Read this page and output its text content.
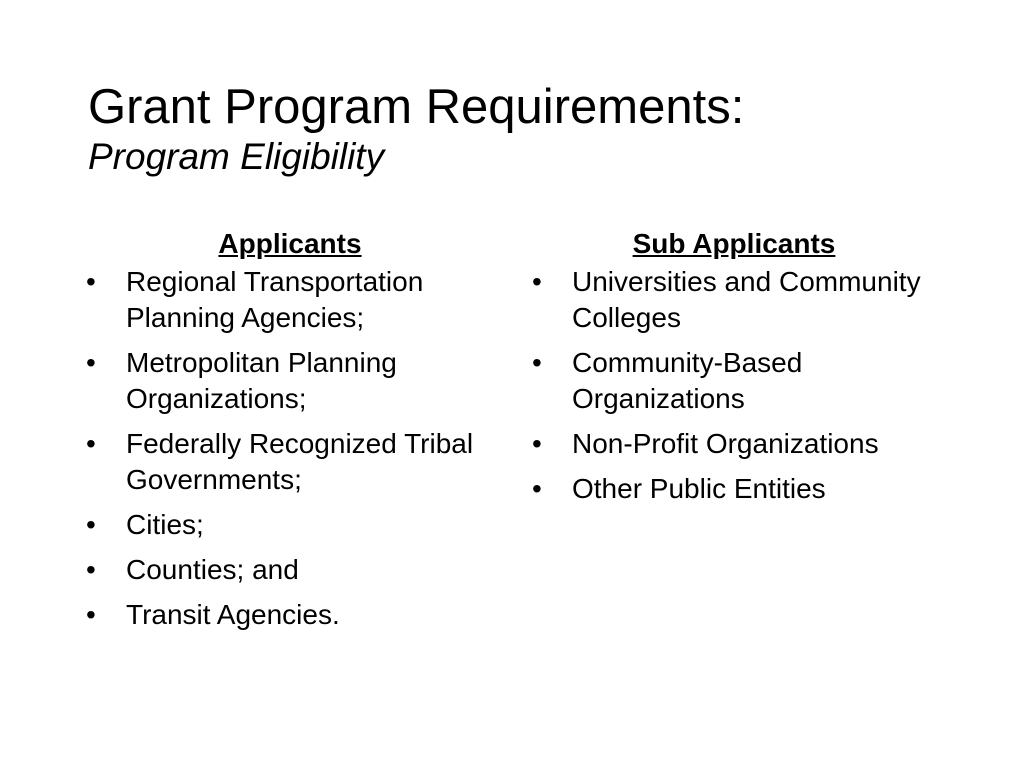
Grant Program Requirements:
Program Eligibility
Applicants
• Regional Transportation Planning Agencies;
• Metropolitan Planning Organizations;
• Federally Recognized Tribal Governments;
• Cities;
• Counties; and
• Transit Agencies.
Sub Applicants
• Universities and Community Colleges
• Community-Based Organizations
• Non-Profit Organizations
• Other Public Entities
